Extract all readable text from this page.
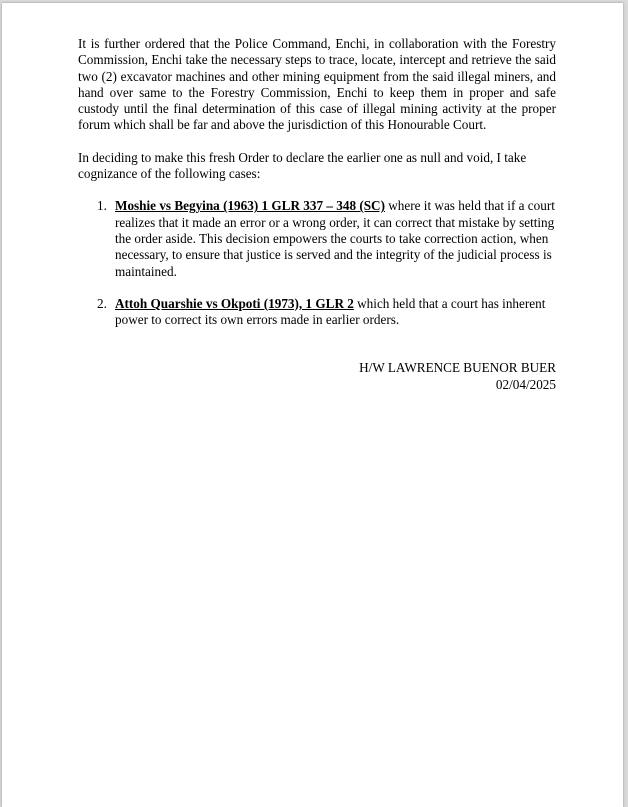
It is further ordered that the Police Command, Enchi, in collaboration with the Forestry Commission, Enchi take the necessary steps to trace, locate, intercept and retrieve the said two (2) excavator machines and other mining equipment from the said illegal miners, and hand over same to the Forestry Commission, Enchi to keep them in proper and safe custody until the final determination of this case of illegal mining activity at the proper forum which shall be far and above the jurisdiction of this Honourable Court.

In deciding to make this fresh Order to declare the earlier one as null and void, I take cognizance of the following cases:

1. Moshie vs Begyina (1963) 1 GLR 337 – 348 (SC) where it was held that if a court realizes that it made an error or a wrong order, it can correct that mistake by setting the order aside. This decision empowers the courts to take correction action, when necessary, to ensure that justice is served and the integrity of the judicial process is maintained.
2. Attoh Quarshie vs Okpoti (1973), 1 GLR 2 which held that a court has inherent power to correct its own errors made in earlier orders.
H/W LAWRENCE BUENOR BUER
02/04/2025
